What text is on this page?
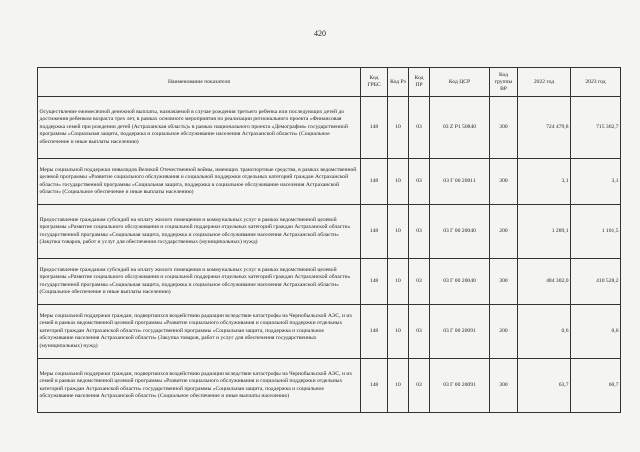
420
Наименование показателя	Код ГРБС	Код Рз	Код ПР	Код ЦСР	Код группы ВР	2022 год	2023 год
Осуществление ежемесячной денежной выплаты, назначаемой в случае рождения третьего ребенка или последующих детей до достижения ребенком возраста трех лет, в рамках основного мероприятия по реализации регионального проекта «Финансовая поддержка семей при рождении детей (Астраханская область)» в рамках национального проекта «Демография» государственной программы «Социальная защита, поддержка и социальное обслуживание населения Астраханской области» (Социальное обеспечение и иные выплаты населению)	148	10	03	03 Z P1 50840	300	724 479,8	715 362,7
Меры социальной поддержки инвалидов Великой Отечественной войны, имеющих транспортные средства, в рамках ведомственной целевой программы «Развитие социального обслуживания и социальной поддержки отдельных категорий граждан Астраханской области» государственной программы «Социальная защита, поддержка и социальное обслуживание населения Астраханской области» (Социальное обеспечение и иные выплаты населению)	148	10	03	03 Г 00 20011	300	3,1	3,1
Предоставление гражданам субсидий на оплату жилого помещения и коммунальных услуг в рамках ведомственной целевой программы «Развитие социального обслуживания и социальной поддержки отдельных категорий граждан Астраханской области» государственной программы «Социальная защита, поддержка и социальное обслуживание населения Астраханской области» (Закупка товаров, работ и услуг для обеспечения государственных (муниципальных) нужд)	148	10	03	03 Г 00 20040	200	1 289,1	1 101,5
Предоставление гражданам субсидий на оплату жилого помещения и коммунальных услуг в рамках ведомственной целевой программы «Развитие социального обслуживания и социальной поддержки отдельных категорий граждан Астраханской области» государственной программы «Социальная защита, поддержка и социальное обслуживание населения Астраханской области» (Социальное обеспечение и иные выплаты населению)	148	10	03	03 Г 00 20040	300	484 302,0	410 528,2
Меры социальной поддержки граждан, подвергшихся воздействию радиации вследствие катастрофы на Чернобыльской АЭС, и их семей в рамках ведомственной целевой программы «Развитие социального обслуживания и социальной поддержки отдельных категорий граждан Астраханской области» государственной программы «Социальная защита, поддержка и социальное обслуживание населения Астраханской области» (Закупка товаров, работ и услуг для обеспечения государственных (муниципальных) нужд)	148	10	03	03 Г 00 20091	200	0,6	0,6
Меры социальной поддержки граждан, подвергшихся воздействию радиации вследствие катастрофы на Чернобыльской АЭС, и их семей в рамках ведомственной целевой программы «Развитие социального обслуживания и социальной поддержки отдельных категорий граждан Астраханской области» государственной программы «Социальная защита, поддержка и социальное обслуживание населения Астраханской области» (Социальное обеспечение и иные выплаты населению)	148	10	03	03 Г 00 20091	300	63,7	60,7
